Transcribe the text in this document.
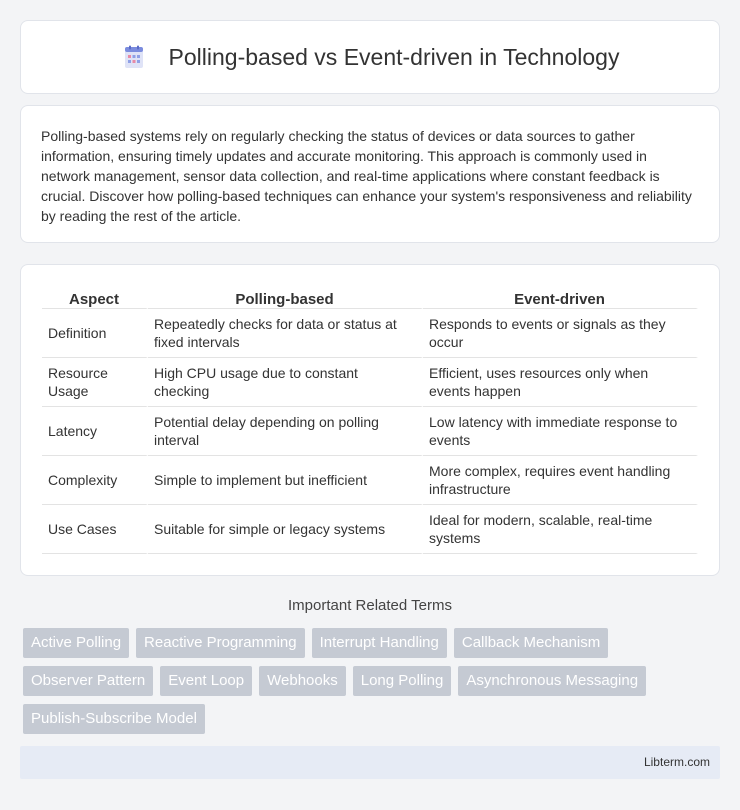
Polling-based vs Event-driven in Technology

Polling-based systems rely on regularly checking the status of devices or data sources to gather information, ensuring timely updates and accurate monitoring. This approach is commonly used in network management, sensor data collection, and real-time applications where constant feedback is crucial. Discover how polling-based techniques can enhance your system's responsiveness and reliability by reading the rest of the article.

Aspect	Polling-based	Event-driven
Definition	Repeatedly checks for data or status at fixed intervals	Responds to events or signals as they occur
Resource Usage	High CPU usage due to constant checking	Efficient, uses resources only when events happen
Latency	Potential delay depending on polling interval	Low latency with immediate response to events
Complexity	Simple to implement but inefficient	More complex, requires event handling infrastructure
Use Cases	Suitable for simple or legacy systems	Ideal for modern, scalable, real-time systems
Important Related Terms
Active Polling	Reactive Programming	Interrupt Handling	Callback Mechanism
Observer Pattern	Event Loop	Webhooks	Long Polling	Asynchronous Messaging
Publish-Subscribe Model
Libterm.com
